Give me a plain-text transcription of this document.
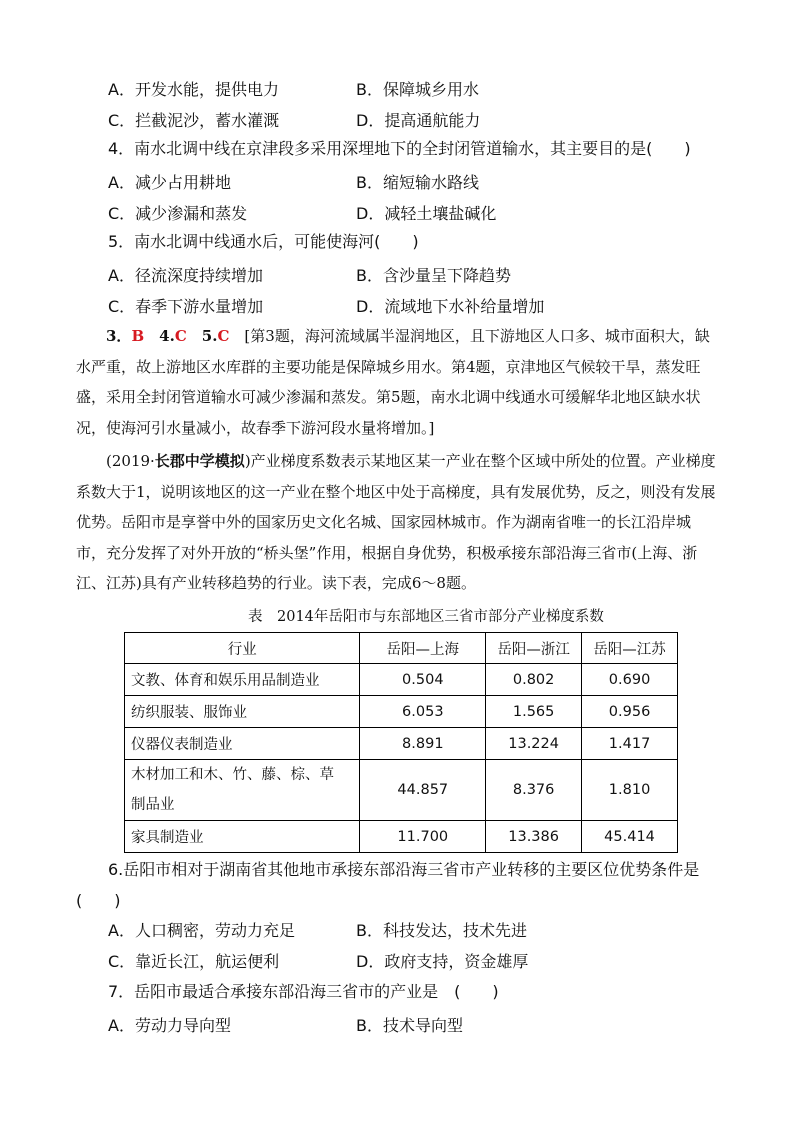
A．开发水能，提供电力	B．保障城乡用水
C．拦截泥沙，蓄水灌溉	D．提高通航能力
4．南水北调中线在京津段多采用深埋地下的全封闭管道输水，其主要目的是(　　)
A．减少占用耕地	B．缩短输水路线
C．减少渗漏和蒸发	D．减轻土壤盐碱化
5．南水北调中线通水后，可能使海河(　　)
A．径流深度持续增加	B．含沙量呈下降趋势
C．春季下游水量增加	D．流域地下水补给量增加
3．B　 4.C　 5.C　 [第3题，海河流域属半湿润地区，且下游地区人口多、城市面积大，缺水严重，故上游地区水库群的主要功能是保障城乡用水。第4题，京津地区气候较干旱，蒸发旺盛，采用全封闭管道输水可减少渗漏和蒸发。第5题，南水北调中线通水可缓解华北地区缺水状况，使海河引水量减小，故春季下游河段水量将增加。]
(2019·长郡中学模拟)产业梯度系数表示某地区某一产业在整个区域中所处的位置。产业梯度系数大于1，说明该地区的这一产业在整个地区中处于高梯度，具有发展优势，反之，则没有发展优势。岳阳市是享誉中外的国家历史文化名城、国家园林城市。作为湖南省唯一的长江沿岸城市，充分发挥了对外开放的“桥头堡”作用，根据自身优势，积极承接东部沿海三省市(上海、浙江、江苏)具有产业转移趋势的行业。读下表，完成6～8题。
表　2014年岳阳市与东部地区三省市部分产业梯度系数
行业	岳阳—上海	岳阳—浙江	岳阳—江苏
文教、体育和娱乐用品制造业	0.504	0.802	0.690
纺织服装、服饰业	6.053	1.565	0.956
仪器仪表制造业	8.891	13.224	1.417
木材加工和木、竹、藤、棕、草
制品业	44.857	8.376	1.810
家具制造业	11.700	13.386	45.414
6.岳阳市相对于湖南省其他地市承接东部沿海三省市产业转移的主要区位优势条件是
(　　)
A．人口稠密，劳动力充足	B．科技发达，技术先进
C．靠近长江，航运便利	D．政府支持，资金雄厚
7．岳阳市最适合承接东部沿海三省市的产业是　(　　)
A．劳动力导向型	B．技术导向型
